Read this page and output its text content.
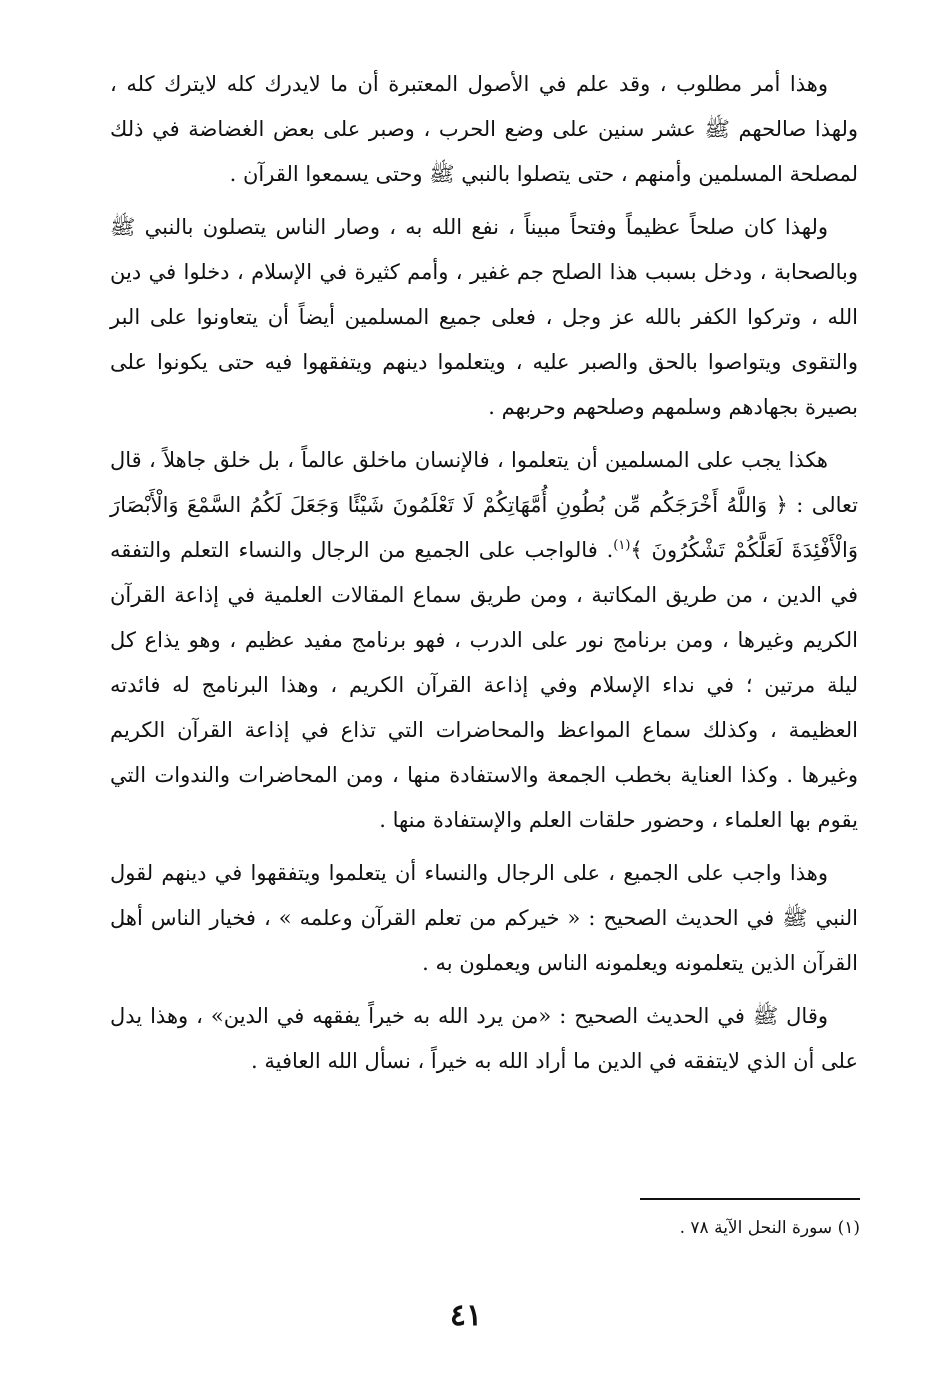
وهذا أمر مطلوب ، وقد علم في الأصول المعتبرة أن ما لايدرك كله لايترك كله ، ولهذا صالحهم ﷺ عشر سنين على وضع الحرب ، وصبر على بعض الغضاضة في ذلك لمصلحة المسلمين وأمنهم ، حتى يتصلوا بالنبي ﷺ وحتى يسمعوا القرآن .

ولهذا كان صلحاً عظيماً وفتحاً مبيناً ، نفع الله به ، وصار الناس يتصلون بالنبي ﷺ وبالصحابة ، ودخل بسبب هذا الصلح جم غفير ، وأمم كثيرة في الإسلام ، دخلوا في دين الله ، وتركوا الكفر بالله عز وجل ، فعلى جميع المسلمين أيضاً أن يتعاونوا على البر والتقوى ويتواصوا بالحق والصبر عليه ، ويتعلموا دينهم ويتفقهوا فيه حتى يكونوا على بصيرة بجهادهم وسلمهم وصلحهم وحربهم .

هكذا يجب على المسلمين أن يتعلموا ، فالإنسان ماخلق عالماً ، بل خلق جاهلاً ، قال تعالى : ﴿ وَاللَّهُ أَخْرَجَكُم مِّن بُطُونِ أُمَّهَاتِكُمْ لَا تَعْلَمُونَ شَيْئًا وَجَعَلَ لَكُمُ السَّمْعَ وَالْأَبْصَارَ وَالْأَفْئِدَةَ لَعَلَّكُمْ تَشْكُرُونَ ﴾$^{(١)}$. فالواجب على الجميع من الرجال والنساء التعلم والتفقه في الدين ، من طريق المكاتبة ، ومن طريق سماع المقالات العلمية في إذاعة القرآن الكريم وغيرها ، ومن برنامج نور على الدرب ، فهو برنامج مفيد عظيم ، وهو يذاع كل ليلة مرتين ؛ في نداء الإسلام وفي إذاعة القرآن الكريم ، وهذا البرنامج له فائدته العظيمة ، وكذلك سماع المواعظ والمحاضرات التي تذاع في إذاعة القرآن الكريم وغيرها . وكذا العناية بخطب الجمعة والاستفادة منها ، ومن المحاضرات والندوات التي يقوم بها العلماء ، وحضور حلقات العلم والإستفادة منها .

وهذا واجب على الجميع ، على الرجال والنساء أن يتعلموا ويتفقهوا في دينهم لقول النبي ﷺ في الحديث الصحيح : « خيركم من تعلم القرآن وعلمه » ، فخيار الناس أهل القرآن الذين يتعلمونه ويعلمونه الناس ويعملون به .

وقال ﷺ في الحديث الصحيح : «من يرد الله به خيراً يفقهه في الدين» ، وهذا يدل على أن الذي لايتفقه في الدين ما أراد الله به خيراً ، نسأل الله العافية .

(١) سورة النحل الآية ٧٨ .
٤١
